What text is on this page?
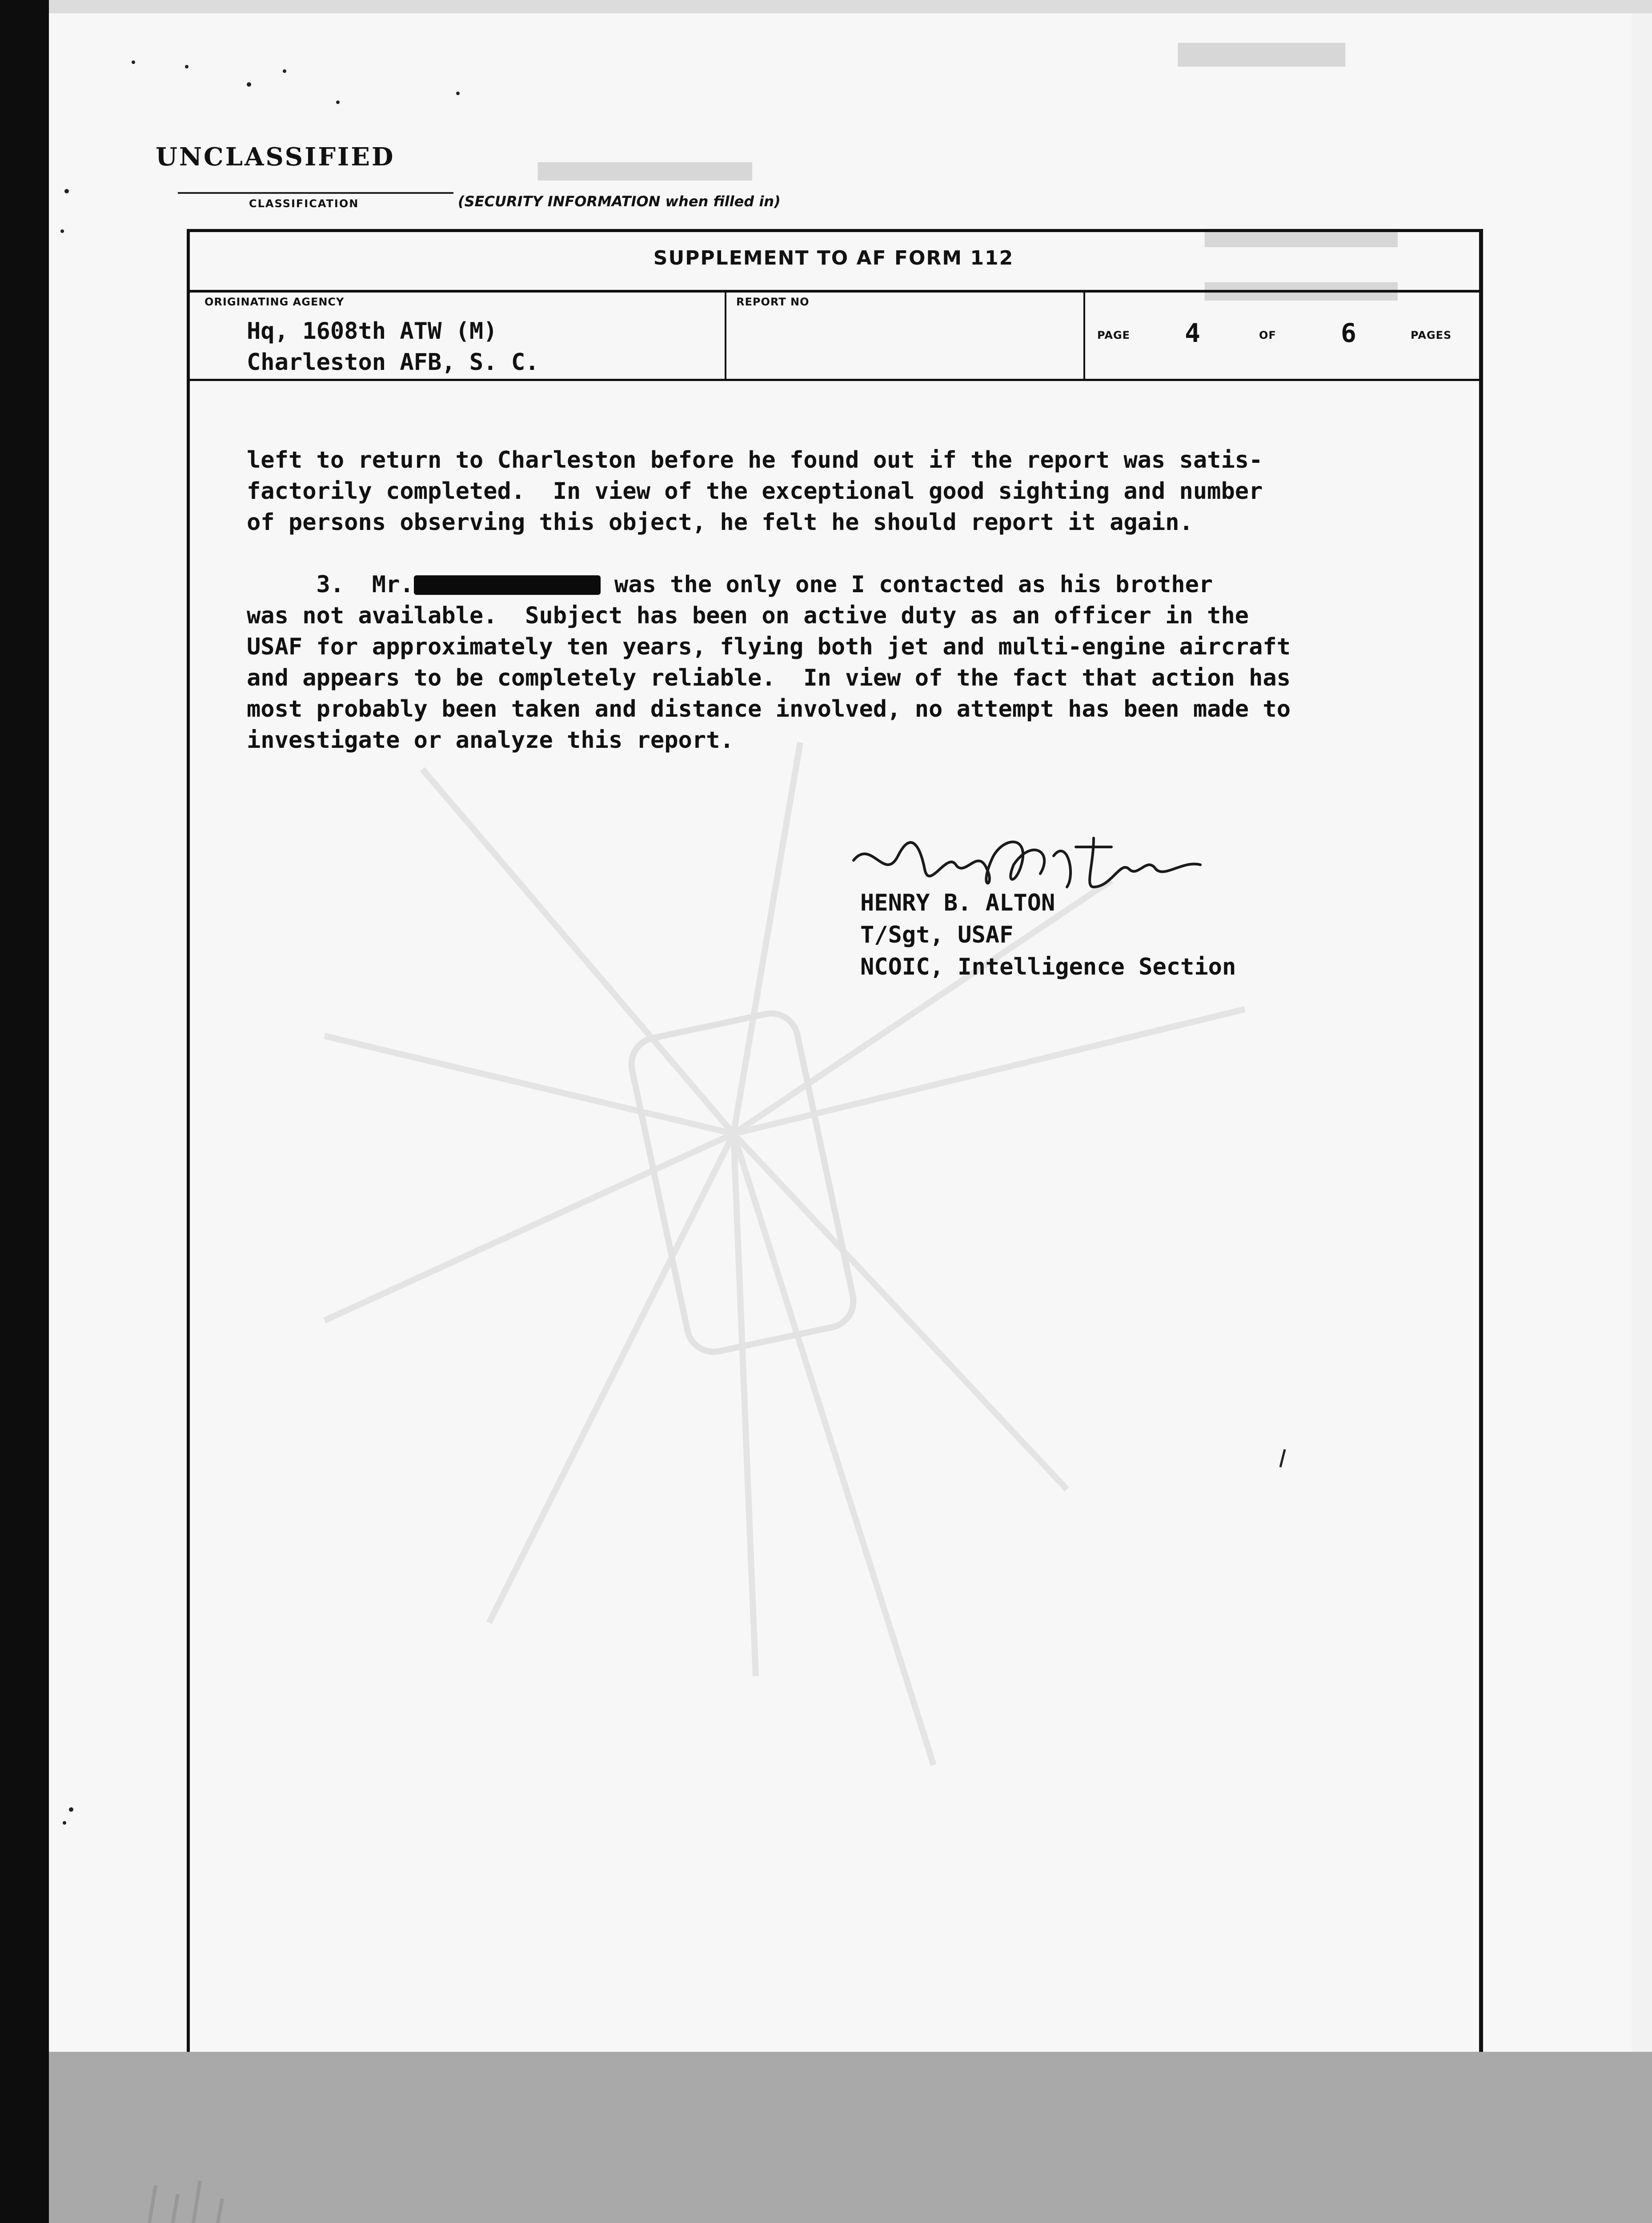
▇▇▇▇▇▇▇▇▇▇▇▇
▇▇▇▇▇▇▇▇▇▇▇▇▇▇▇▇▇▇▇▇
▇▇▇▇▇▇▇▇▇▇▇▇▇▇▇▇▇▇
▇▇▇▇▇▇▇▇▇▇▇▇▇▇▇▇▇▇
UNCLASSIFIED
CLASSIFICATION	(SECURITY INFORMATION when filled in)
SUPPLEMENT TO AF FORM 112
ORIGINATING AGENCY
Hq, 1608th ATW (M)
Charleston AFB, S. C.
REPORT NO
PAGE 4	OF	6	PAGES
left to return to Charleston before he found out if the report was satis-
factorily completed.  In view of the exceptional good sighting and number
of persons observing this object, he felt he should report it again.

3.  Mr.	was the only one I contacted as his brother
was not available.  Subject has been on active duty as an officer in the
USAF for approximately ten years, flying both jet and multi-engine aircraft
and appears to be completely reliable.  In view of the fact that action has
most probably been taken and distance involved, no attempt has been made to
investigate or analyze this report.
HENRY B. ALTON
T/Sgt, USAF
NCOIC, Intelligence Section
